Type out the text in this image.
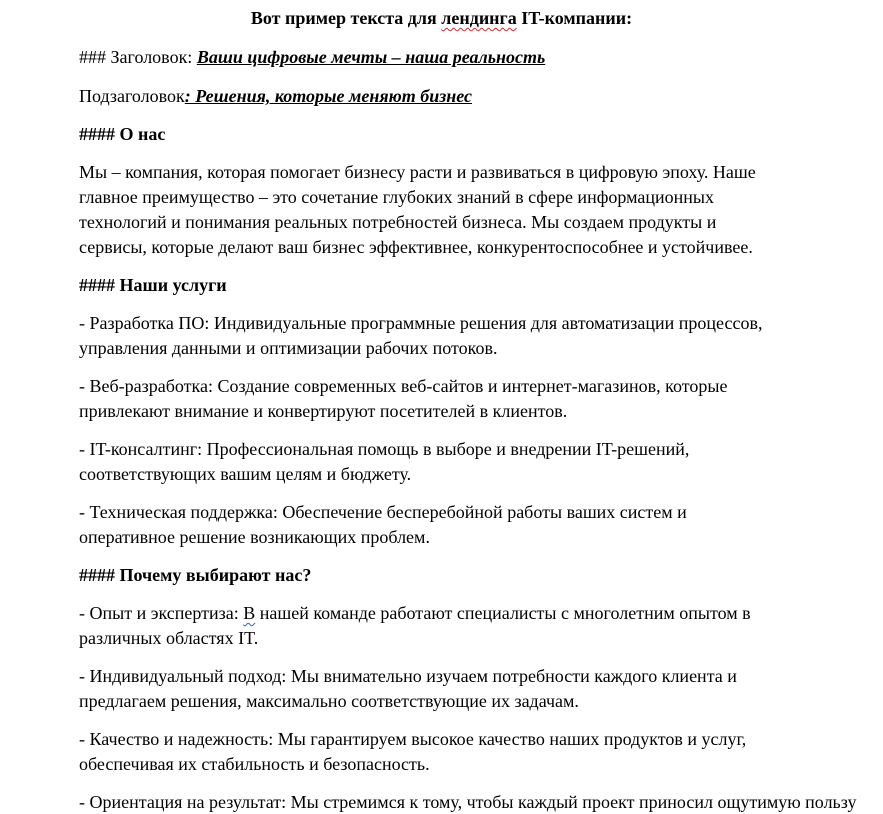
Вот пример текста для лендинга IT-компании:
### Заголовок: Ваши цифровые мечты – наша реальность
Подзаголовок: Решения, которые меняют бизнес
#### О нас
Мы – компания, которая помогает бизнесу расти и развиваться в цифровую эпоху. Наше
главное преимущество – это сочетание глубоких знаний в сфере информационных
технологий и понимания реальных потребностей бизнеса. Мы создаем продукты и
сервисы, которые делают ваш бизнес эффективнее, конкурентоспособнее и устойчивее.
#### Наши услуги
- Разработка ПО: Индивидуальные программные решения для автоматизации процессов,
управления данными и оптимизации рабочих потоков.
- Веб-разработка: Создание современных веб-сайтов и интернет-магазинов, которые
привлекают внимание и конвертируют посетителей в клиентов.
- IT-консалтинг: Профессиональная помощь в выборе и внедрении IT-решений,
соответствующих вашим целям и бюджету.
- Техническая поддержка: Обеспечение бесперебойной работы ваших систем и
оперативное решение возникающих проблем.
#### Почему выбирают нас?
- Опыт и экспертиза: В нашей команде работают специалисты с многолетним опытом в
различных областях IT.
- Индивидуальный подход: Мы внимательно изучаем потребности каждого клиента и
предлагаем решения, максимально соответствующие их задачам.
- Качество и надежность: Мы гарантируем высокое качество наших продуктов и услуг,
обеспечивая их стабильность и безопасность.
- Ориентация на результат: Мы стремимся к тому, чтобы каждый проект приносил ощутимую пользу
